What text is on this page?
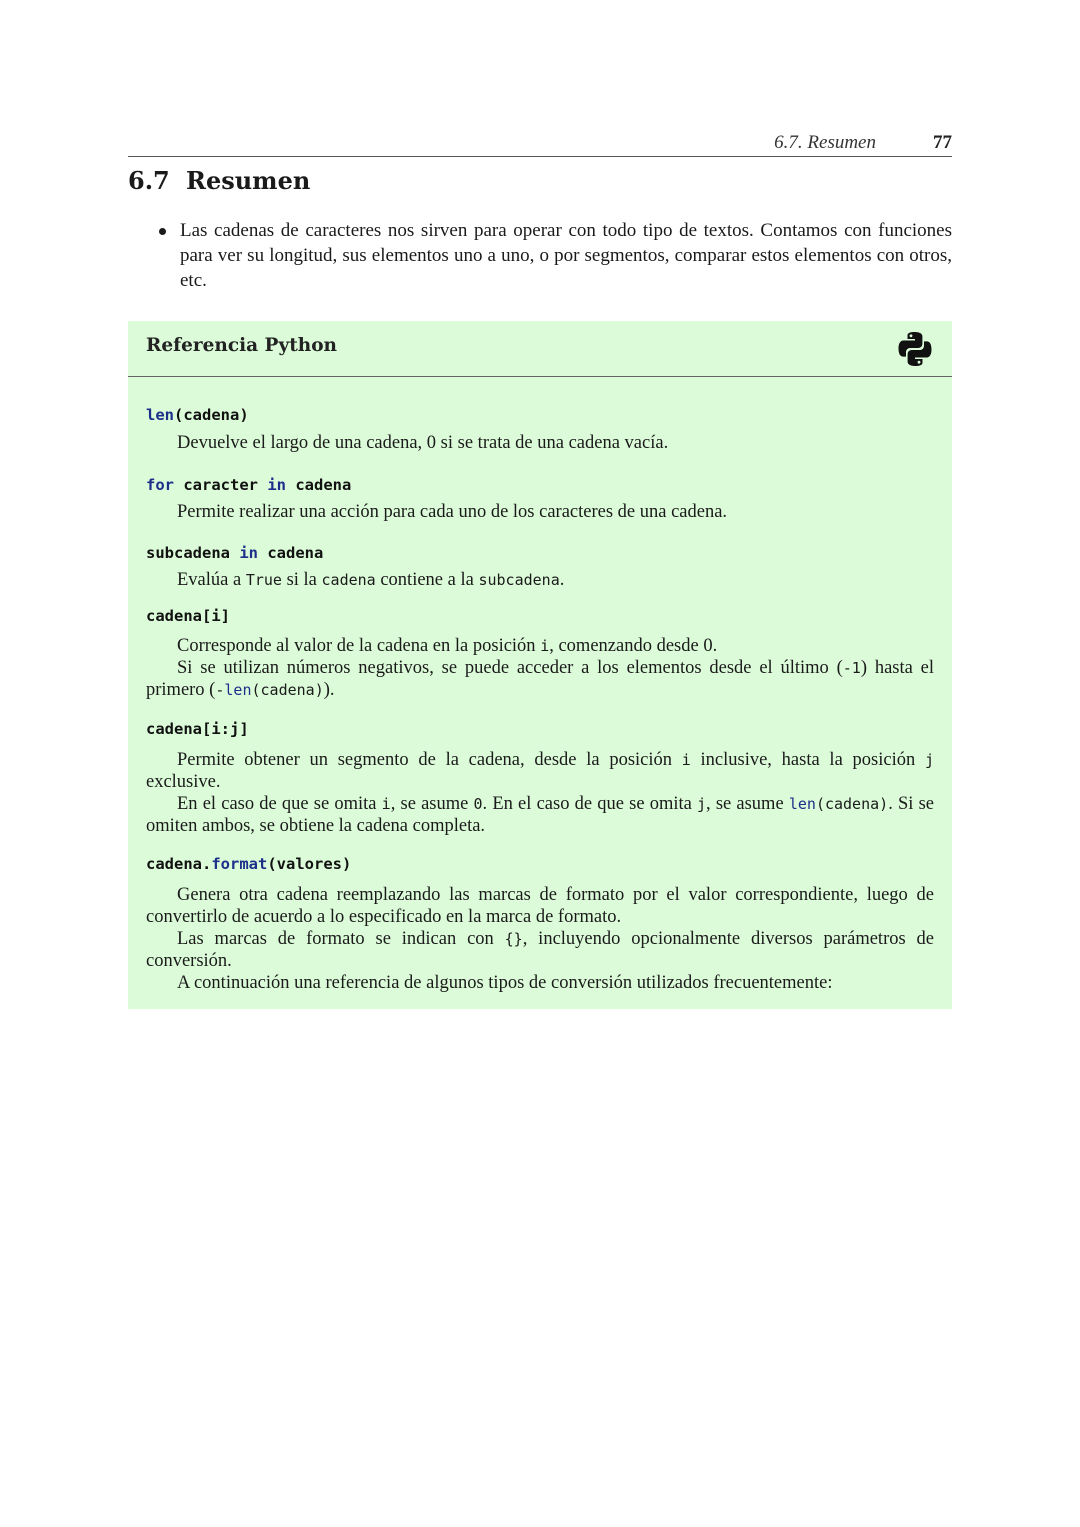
6.7. Resumen	77
6.7 Resumen
Las cadenas de caracteres nos sirven para operar con todo tipo de textos. Contamos con funciones para ver su longitud, sus elementos uno a uno, o por segmentos, comparar estos elementos con otros, etc.
Referencia Python
len(cadena)

Devuelve el largo de una cadena, 0 si se trata de una cadena vacía.

for caracter in cadena

Permite realizar una acción para cada uno de los caracteres de una cadena.

subcadena in cadena

Evalúa a True si la cadena contiene a la subcadena.

cadena[i]

Corresponde al valor de la cadena en la posición i, comenzando desde 0.

Si se utilizan números negativos, se puede acceder a los elementos desde el último (-1) hasta el primero (-len(cadena)).

cadena[i:j]

Permite obtener un segmento de la cadena, desde la posición i inclusive, hasta la posición j exclusive.

En el caso de que se omita i, se asume 0. En el caso de que se omita j, se asume len(cadena). Si se omiten ambos, se obtiene la cadena completa.

cadena.format(valores)

Genera otra cadena reemplazando las marcas de formato por el valor correspondiente, luego de convertirlo de acuerdo a lo especificado en la marca de formato.

Las marcas de formato se indican con {}, incluyendo opcionalmente diversos parámetros de conversión.

A continuación una referencia de algunos tipos de conversión utilizados frecuentemente:
